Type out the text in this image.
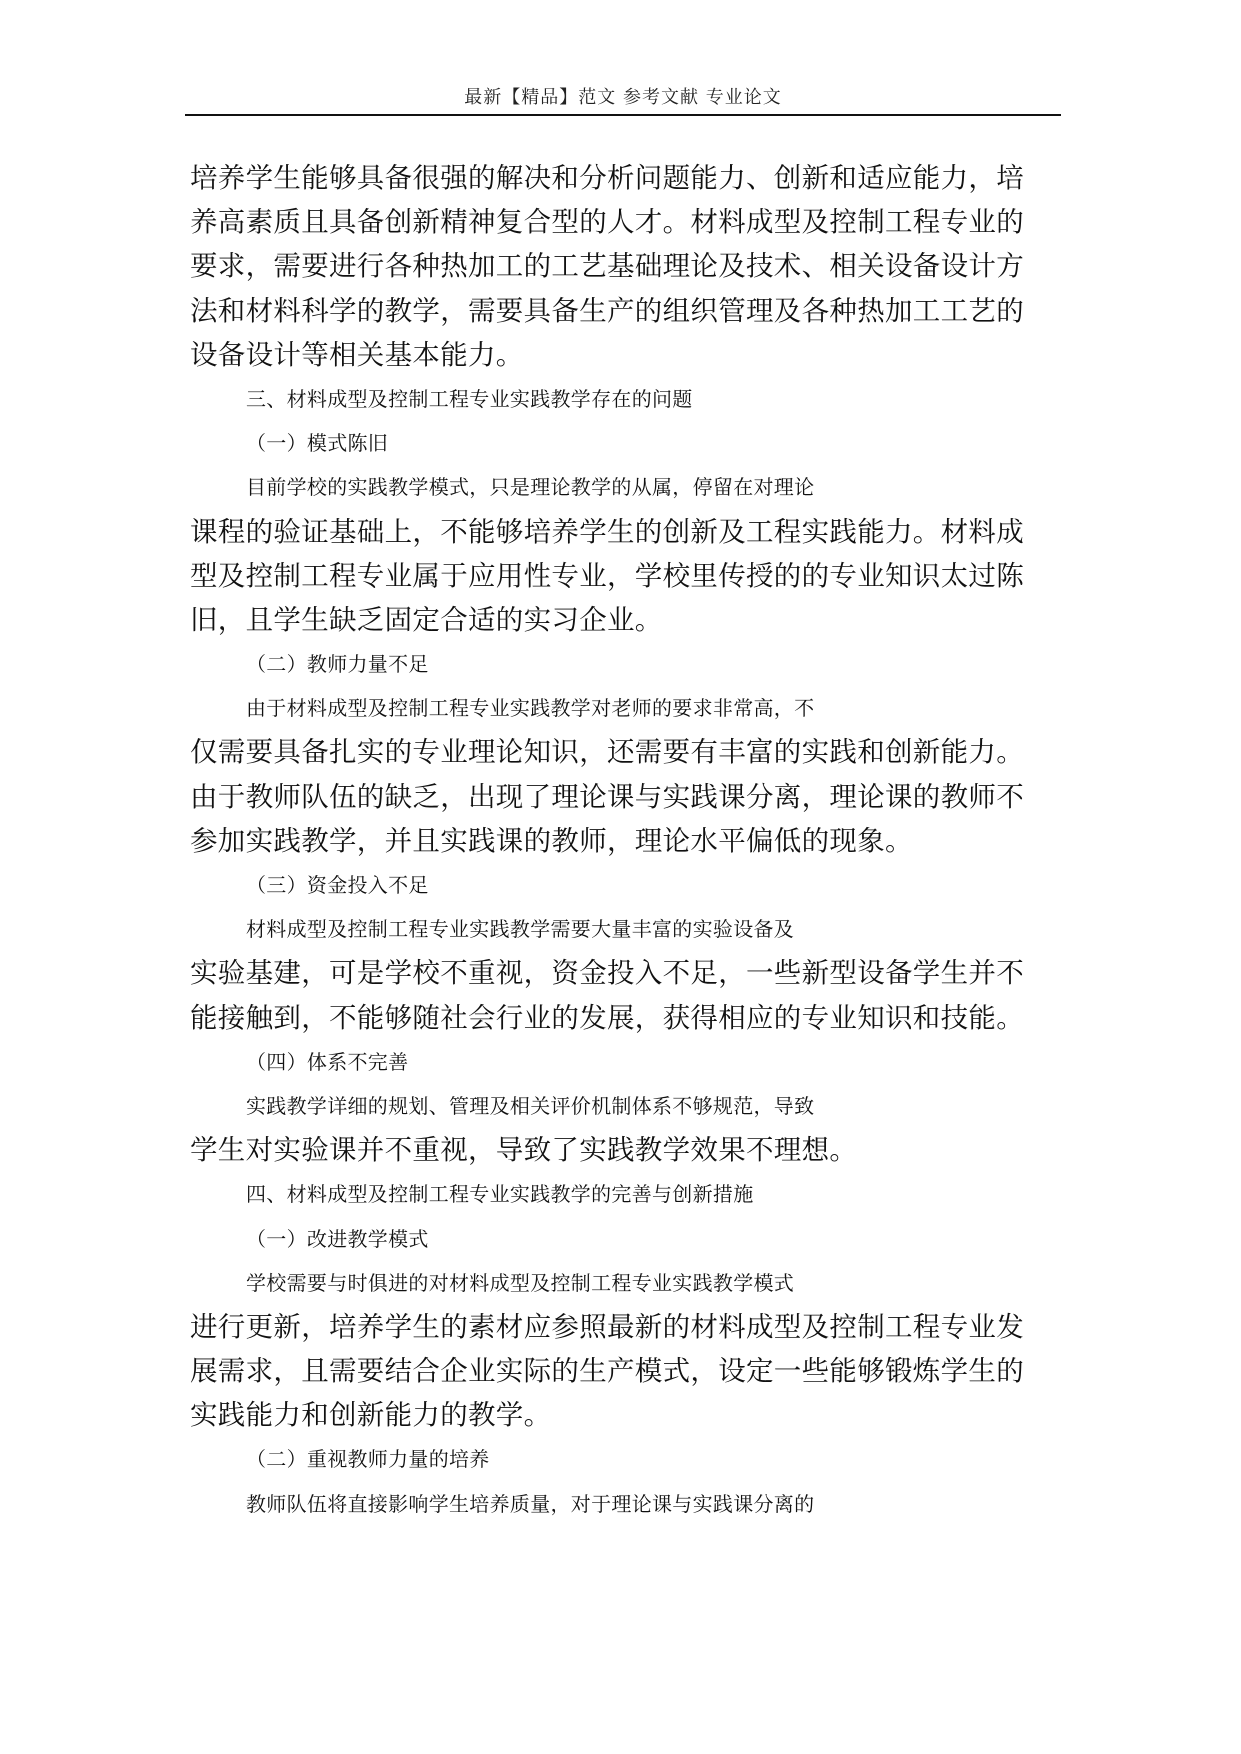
最新【精品】范文 参考文献 专业论文
培养学生能够具备很强的解决和分析问题能力、创新和适应能力，培
养高素质且具备创新精神复合型的人才。材料成型及控制工程专业的
要求，需要进行各种热加工的工艺基础理论及技术、相关设备设计方
法和材料科学的教学，需要具备生产的组织管理及各种热加工工艺的
设备设计等相关基本能力。
三、材料成型及控制工程专业实践教学存在的问题
（一）模式陈旧
目前学校的实践教学模式，只是理论教学的从属，停留在对理论
课程的验证基础上，不能够培养学生的创新及工程实践能力。材料成
型及控制工程专业属于应用性专业，学校里传授的的专业知识太过陈
旧，且学生缺乏固定合适的实习企业。
（二）教师力量不足
由于材料成型及控制工程专业实践教学对老师的要求非常高，不
仅需要具备扎实的专业理论知识，还需要有丰富的实践和创新能力。
由于教师队伍的缺乏，出现了理论课与实践课分离，理论课的教师不
参加实践教学，并且实践课的教师，理论水平偏低的现象。
（三）资金投入不足
材料成型及控制工程专业实践教学需要大量丰富的实验设备及
实验基建，可是学校不重视，资金投入不足，一些新型设备学生并不
能接触到，不能够随社会行业的发展，获得相应的专业知识和技能。
（四）体系不完善
实践教学详细的规划、管理及相关评价机制体系不够规范，导致
学生对实验课并不重视，导致了实践教学效果不理想。
四、材料成型及控制工程专业实践教学的完善与创新措施
（一）改进教学模式
学校需要与时俱进的对材料成型及控制工程专业实践教学模式
进行更新，培养学生的素材应参照最新的材料成型及控制工程专业发
展需求，且需要结合企业实际的生产模式，设定一些能够锻炼学生的
实践能力和创新能力的教学。
（二）重视教师力量的培养
教师队伍将直接影响学生培养质量，对于理论课与实践课分离的
